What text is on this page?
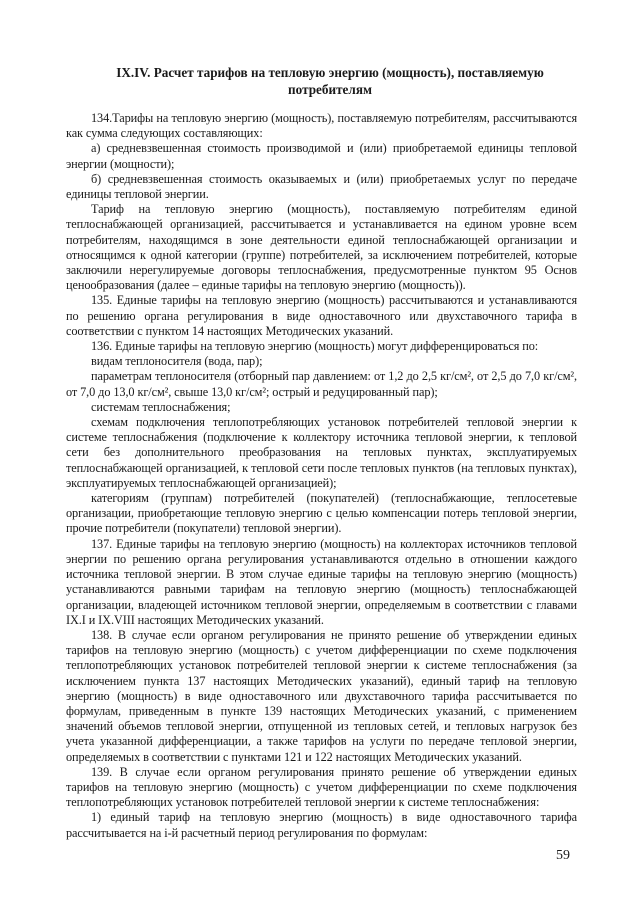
IX.IV. Расчет тарифов на тепловую энергию (мощность), поставляемую потребителям

134.Тарифы на тепловую энергию (мощность), поставляемую потребителям, рассчитываются как сумма следующих составляющих:

а) средневзвешенная стоимость производимой и (или) приобретаемой единицы тепловой энергии (мощности);

б) средневзвешенная стоимость оказываемых и (или) приобретаемых услуг по передаче единицы тепловой энергии.

Тариф на тепловую энергию (мощность), поставляемую потребителям единой теплоснабжающей организацией, рассчитывается и устанавливается на едином уровне всем потребителям, находящимся в зоне деятельности единой теплоснабжающей организации и относящимся к одной категории (группе) потребителей, за исключением потребителей, которые заключили нерегулируемые договоры теплоснабжения, предусмотренные пунктом 95 Основ ценообразования (далее – единые тарифы на тепловую энергию (мощность)).

135. Единые тарифы на тепловую энергию (мощность) рассчитываются и устанавливаются по решению органа регулирования в виде одноставочного или двухставочного тарифа в соответствии с пунктом 14 настоящих Методических указаний.

136. Единые тарифы на тепловую энергию (мощность) могут дифференцироваться по:

видам теплоносителя (вода, пар);

параметрам теплоносителя (отборный пар давлением: от 1,2 до 2,5 кг/см², от 2,5 до 7,0 кг/см², от 7,0 до 13,0 кг/см², свыше 13,0 кг/см²; острый и редуцированный пар);

системам теплоснабжения;

схемам подключения теплопотребляющих установок потребителей тепловой энергии к системе теплоснабжения (подключение к коллектору источника тепловой энергии, к тепловой сети без дополнительного преобразования на тепловых пунктах, эксплуатируемых теплоснабжающей организацией, к тепловой сети после тепловых пунктов (на тепловых пунктах), эксплуатируемых теплоснабжающей организацией);

категориям (группам) потребителей (покупателей) (теплоснабжающие, теплосетевые организации, приобретающие тепловую энергию с целью компенсации потерь тепловой энергии, прочие потребители (покупатели) тепловой энергии).

137. Единые тарифы на тепловую энергию (мощность) на коллекторах источников тепловой энергии по решению органа регулирования устанавливаются отдельно в отношении каждого источника тепловой энергии. В этом случае единые тарифы на тепловую энергию (мощность) устанавливаются равными тарифам на тепловую энергию (мощность) теплоснабжающей организации, владеющей источником тепловой энергии, определяемым в соответствии с главами IX.I и IX.VIII настоящих Методических указаний.

138. В случае если органом регулирования не принято решение об утверждении единых тарифов на тепловую энергию (мощность) с учетом дифференциации по схеме подключения теплопотребляющих установок потребителей тепловой энергии к системе теплоснабжения (за исключением пункта 137 настоящих Методических указаний), единый тариф на тепловую энергию (мощность) в виде одноставочного или двухставочного тарифа рассчитывается по формулам, приведенным в пункте 139 настоящих Методических указаний, с применением значений объемов тепловой энергии, отпущенной из тепловых сетей, и тепловых нагрузок без учета указанной дифференциации, а также тарифов на услуги по передаче тепловой энергии, определяемых в соответствии с пунктами 121 и 122 настоящих Методических указаний.

139. В случае если органом регулирования принято решение об утверждении единых тарифов на тепловую энергию (мощность) с учетом дифференциации по схеме подключения теплопотребляющих установок потребителей тепловой энергии к системе теплоснабжения:

1) единый тариф на тепловую энергию (мощность) в виде одноставочного тарифа рассчитывается на i-й расчетный период регулирования по формулам:

59
